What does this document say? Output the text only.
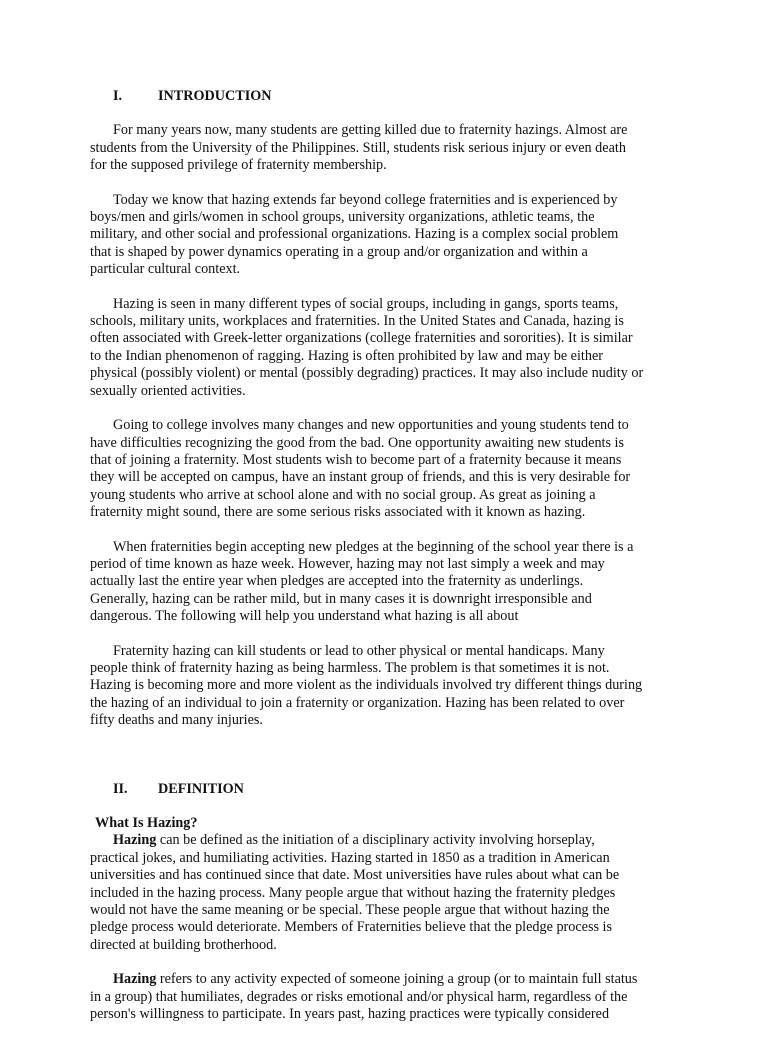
I.	INTRODUCTION
For many years now, many students are getting killed due to fraternity hazings. Almost are
students from the University of the Philippines. Still, students risk serious injury or even death
for the supposed privilege of fraternity membership.
Today we know that hazing extends far beyond college fraternities and is experienced by
boys/men and girls/women in school groups, university organizations, athletic teams, the
military, and other social and professional organizations. Hazing is a complex social problem
that is shaped by power dynamics operating in a group and/or organization and within a
particular cultural context.
Hazing is seen in many different types of social groups, including in gangs, sports teams,
schools, military units, workplaces and fraternities. In the United States and Canada, hazing is
often associated with Greek-letter organizations (college fraternities and sororities). It is similar
to the Indian phenomenon of ragging. Hazing is often prohibited by law and may be either
physical (possibly violent) or mental (possibly degrading) practices. It may also include nudity or
sexually oriented activities.
Going to college involves many changes and new opportunities and young students tend to
have difficulties recognizing the good from the bad. One opportunity awaiting new students is
that of joining a fraternity. Most students wish to become part of a fraternity because it means
they will be accepted on campus, have an instant group of friends, and this is very desirable for
young students who arrive at school alone and with no social group. As great as joining a
fraternity might sound, there are some serious risks associated with it known as hazing.
When fraternities begin accepting new pledges at the beginning of the school year there is a
period of time known as haze week. However, hazing may not last simply a week and may
actually last the entire year when pledges are accepted into the fraternity as underlings.
Generally, hazing can be rather mild, but in many cases it is downright irresponsible and
dangerous. The following will help you understand what hazing is all about
Fraternity hazing can kill students or lead to other physical or mental handicaps. Many
people think of fraternity hazing as being harmless. The problem is that sometimes it is not.
Hazing is becoming more and more violent as the individuals involved try different things during
the hazing of an individual to join a fraternity or organization. Hazing has been related to over
fifty deaths and many injuries.
II. DEFINITION
What Is Hazing?
Hazing can be defined as the initiation of a disciplinary activity involving horseplay,
practical jokes, and humiliating activities. Hazing started in 1850 as a tradition in American
universities and has continued since that date. Most universities have rules about what can be
included in the hazing process. Many people argue that without hazing the fraternity pledges
would not have the same meaning or be special. These people argue that without hazing the
pledge process would deteriorate. Members of Fraternities believe that the pledge process is
directed at building brotherhood.
Hazing refers to any activity expected of someone joining a group (or to maintain full status
in a group) that humiliates, degrades or risks emotional and/or physical harm, regardless of the
person's willingness to participate. In years past, hazing practices were typically considered
